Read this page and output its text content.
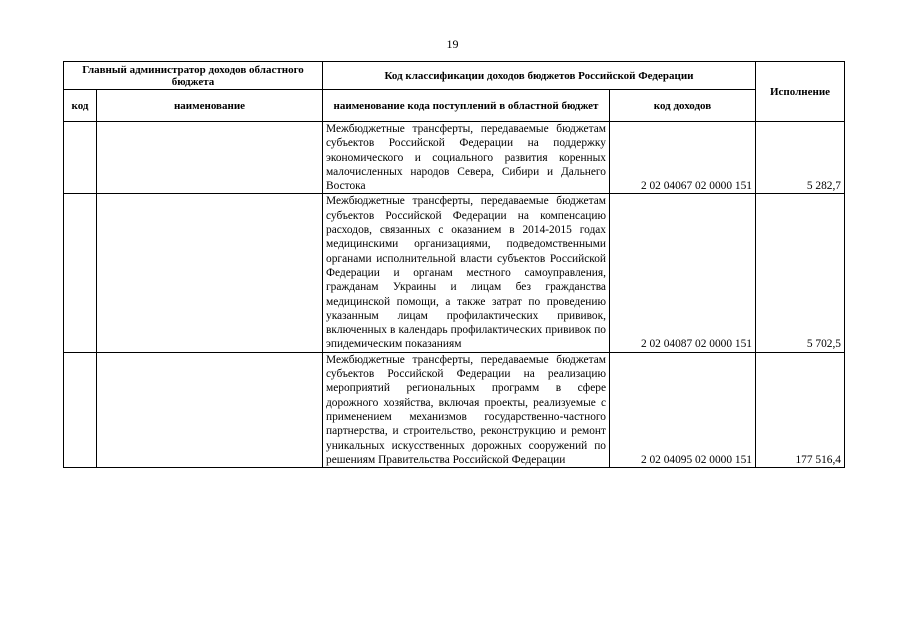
19
Главный администратор доходов областного бюджета		Код классификации доходов бюджетов Российской Федерации		Исполнение
код	наименование	наименование кода поступлений в областной бюджет	код доходов	
		Межбюджетные трансферты, передаваемые бюджетам субъектов Российской Федерации на поддержку экономического и социального развития коренных малочисленных народов Севера, Сибири и Дальнего Востока	2 02 04067 02 0000 151	5 282,7
		Межбюджетные трансферты, передаваемые бюджетам субъектов Российской Федерации на компенсацию расходов, связанных с оказанием в 2014-2015 годах медицинскими организациями, подведомственными органами исполнительной власти субъектов Российской Федерации и органам местного самоуправления, гражданам Украины и лицам без гражданства медицинской помощи, а также затрат по проведению указанным лицам профилактических прививок, включенных в календарь профилактических прививок по эпидемическим показаниям	2 02 04087 02 0000 151	5 702,5
		Межбюджетные трансферты, передаваемые бюджетам субъектов Российской Федерации на реализацию мероприятий региональных программ в сфере дорожного хозяйства, включая проекты, реализуемые с применением механизмов государственно-частного партнерства, и строительство, реконструкцию и ремонт уникальных искусственных дорожных сооружений по решениям Правительства Российской Федерации	2 02 04095 02 0000 151	177 516,4
